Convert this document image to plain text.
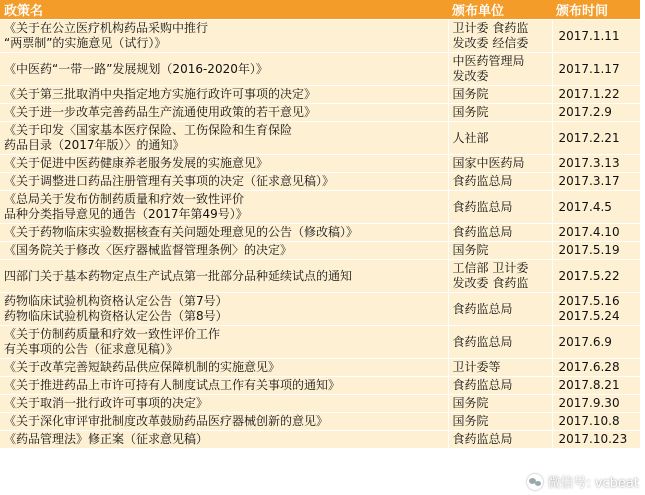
政策名	颁布单位	颁布时间

《关于在公立医疗机构药品采购中推行
“两票制”的实施意见（试行）》	卫计委 食药监
发改委 经信委	2017.1.11

《中医药“一带一路”发展规划（2016-2020年）》	中医药管理局
发改委	2017.1.17

《关于第三批取消中央指定地方实施行政许可事项的决定》	国务院	2017.1.22

《关于进一步改革完善药品生产流通使用政策的若干意见》	国务院	2017.2.9

《关于印发〈国家基本医疗保险、工伤保险和生育保险
药品目录（2017年版）〉的通知》	人社部	2017.2.21

《关于促进中医药健康养老服务发展的实施意见》	国家中医药局	2017.3.13

《关于调整进口药品注册管理有关事项的决定（征求意见稿）》	食药监总局	2017.3.17

《总局关于发布仿制药质量和疗效一致性评价
品种分类指导意见的通告（2017年第49号）》	食药监总局	2017.4.5

《关于药物临床实验数据核查有关问题处理意见的公告（修改稿）》	食药监总局	2017.4.10

《国务院关于修改〈医疗器械监督管理条例〉的决定》	国务院	2017.5.19

四部门关于基本药物定点生产试点第一批部分品种延续试点的通知	工信部 卫计委
发改委 食药监	2017.5.22

药物临床试验机构资格认定公告（第7号）
药物临床试验机构资格认定公告（第8号）	食药监总局	2017.5.16
2017.5.24

《关于仿制药质量和疗效一致性评价工作
有关事项的公告（征求意见稿）》	食药监总局	2017.6.9

《关于改革完善短缺药品供应保障机制的实施意见》	卫计委等	2017.6.28

《关于推进药品上市许可持有人制度试点工作有关事项的通知》	食药监总局	2017.8.21

《关于取消一批行政许可事项的决定》	国务院	2017.9.30

《关于深化审评审批制度改革鼓励药品医疗器械创新的意见》	国务院	2017.10.8

《药品管理法》修正案（征求意见稿）	食药监总局	2017.10.23
微信号: vcbeat
